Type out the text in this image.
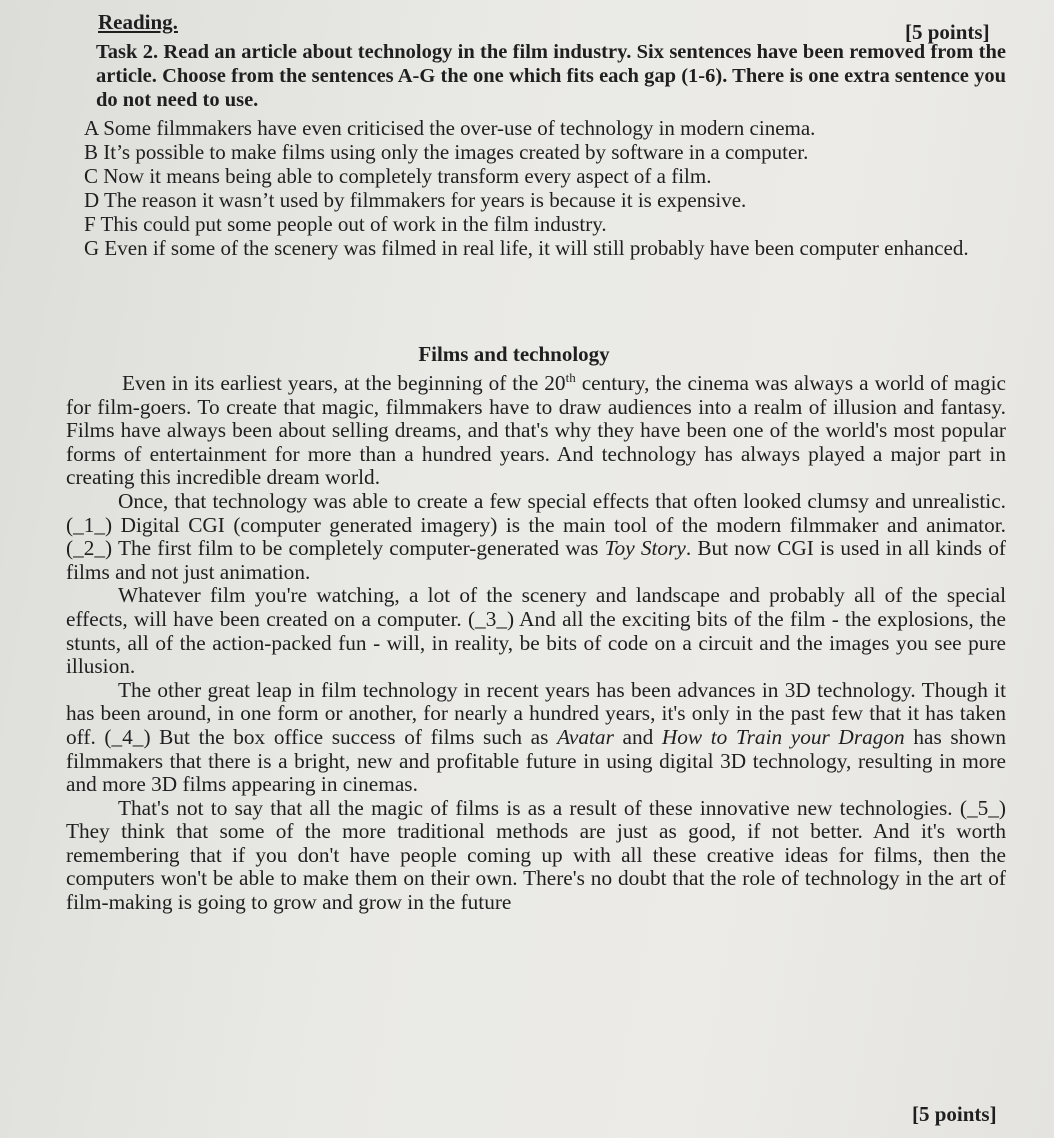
Reading.	[5 points]
Task 2. Read an article about technology in the film industry. Six sentences have been removed from the article. Choose from the sentences A-G the one which fits each gap (1-6). There is one extra sentence you do not need to use.

A Some filmmakers have even criticised the over-use of technology in modern cinema.

B It’s possible to make films using only the images created by software in a computer.

C Now it means being able to completely transform every aspect of a film.

D The reason it wasn’t used by filmmakers for years is because it is expensive.

F This could put some people out of work in the film industry.

G Even if some of the scenery was filmed in real life, it will still probably have been computer enhanced.

Films and technology

Even in its earliest years, at the beginning of the 20th century, the cinema was always a world of magic for film-goers. To create that magic, filmmakers have to draw audiences into a realm of illusion and fantasy. Films have always been about selling dreams, and that's why they have been one of the world's most popular forms of entertainment for more than a hundred years. And technology has always played a major part in creating this incredible dream world.

Once, that technology was able to create a few special effects that often looked clumsy and unrealistic. (_1_) Digital CGI (computer generated imagery) is the main tool of the modern filmmaker and animator. (_2_) The first film to be completely computer-generated was Toy Story. But now CGI is used in all kinds of films and not just animation.

Whatever film you're watching, a lot of the scenery and landscape and probably all of the special effects, will have been created on a computer. (_3_) And all the exciting bits of the film - the explosions, the stunts, all of the action-packed fun - will, in reality, be bits of code on a circuit and the images you see pure illusion.

The other great leap in film technology in recent years has been advances in 3D technology. Though it has been around, in one form or another, for nearly a hundred years, it's only in the past few that it has taken off. (_4_) But the box office success of films such as Avatar and How to Train your Dragon has shown filmmakers that there is a bright, new and profitable future in using digital 3D technology, resulting in more and more 3D films appearing in cinemas.

That's not to say that all the magic of films is as a result of these innovative new technologies. (_5_) They think that some of the more traditional methods are just as good, if not better. And it's worth remembering that if you don't have people coming up with all these creative ideas for films, then the computers won't be able to make them on their own. There's no doubt that the role of technology in the art of film-making is going to grow and grow in the future

[5 points]
